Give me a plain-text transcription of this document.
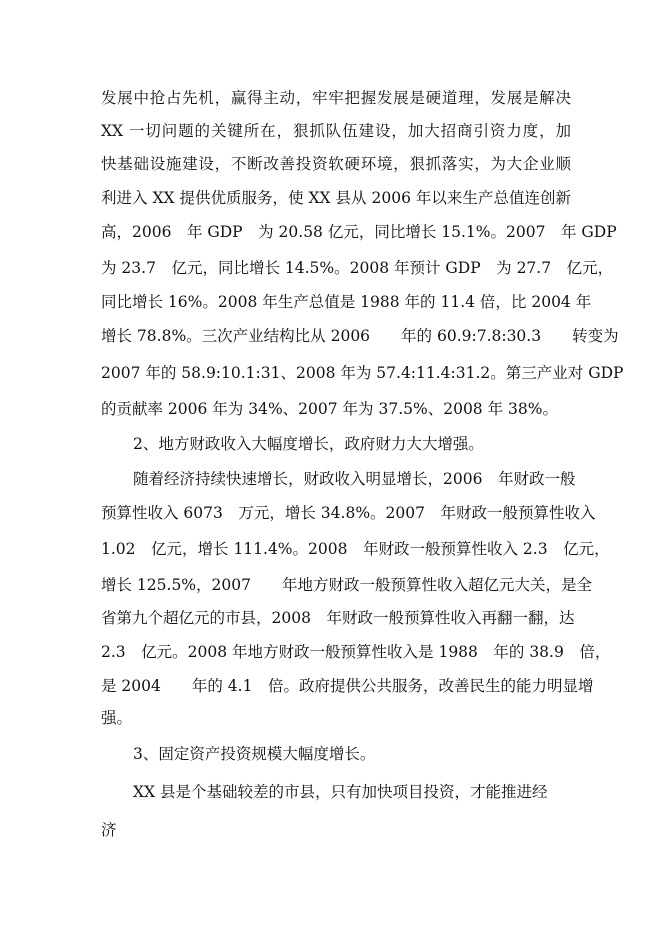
发展中抢占先机，赢得主动，牢牢把握发展是硬道理，发展是解决
XX 一切问题的关键所在，狠抓队伍建设，加大招商引资力度，加
快基础设施建设，不断改善投资软硬环境，狠抓落实，为大企业顺
利进入 XX 提供优质服务，使 XX 县从 2006 年以来生产总值连创新
高，2006　年 GDP　为 20.58 亿元，同比增长 15.1%。2007　年 GDP
为 23.7　亿元，同比增长 14.5%。2008 年预计 GDP　为 27.7　亿元，
同比增长 16%。2008 年生产总值是 1988 年的 11.4 倍，比 2004 年
增长 78.8%。三次产业结构比从 2006　　年的 60.9:7.8:30.3　　转变为
2007 年的 58.9:10.1:31、2008 年为 57.4:11.4:31.2。第三产业对 GDP
的贡献率 2006 年为 34%、2007 年为 37.5%、2008 年 38%。
2、地方财政收入大幅度增长，政府财力大大增强。
随着经济持续快速增长，财政收入明显增长，2006　年财政一般
预算性收入 6073　万元，增长 34.8%。2007　年财政一般预算性收入
1.02　亿元，增长 111.4%。2008　年财政一般预算性收入 2.3　亿元，
增长 125.5%，2007　　年地方财政一般预算性收入超亿元大关，是全
省第九个超亿元的市县，2008　年财政一般预算性收入再翻一翻，达
2.3　亿元。2008 年地方财政一般预算性收入是 1988　年的 38.9　倍，
是 2004　　年的 4.1　倍。政府提供公共服务，改善民生的能力明显增
强。
3、固定资产投资规模大幅度增长。
XX 县是个基础较差的市县，只有加快项目投资，才能推进经
济
